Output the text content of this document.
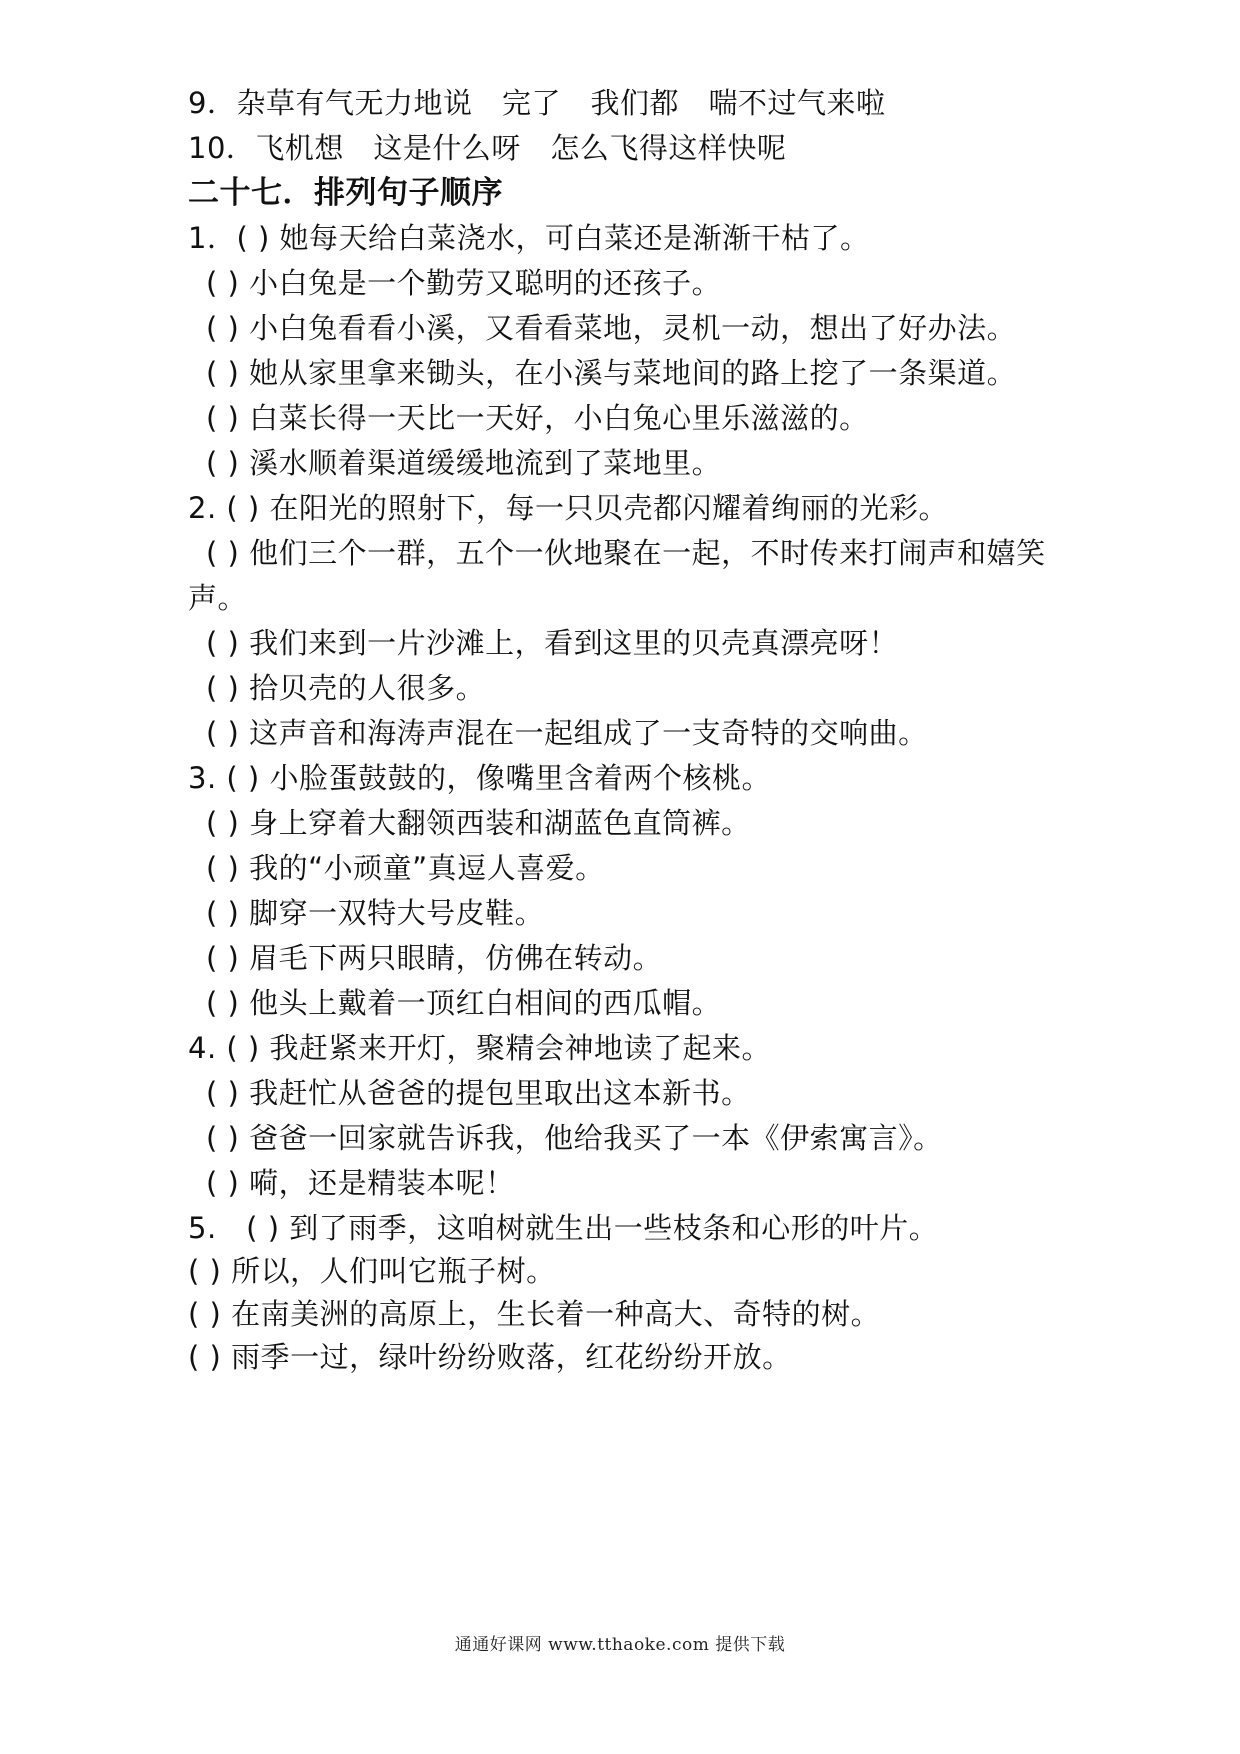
9．杂草有气无力地说　完了　我们都　喘不过气来啦
10．飞机想　这是什么呀　怎么飞得这样快呢
二十七．排列句子顺序
1．( ) 她每天给白菜浇水，可白菜还是渐渐干枯了。
( ) 小白兔是一个勤劳又聪明的还孩子。
( ) 小白兔看看小溪，又看看菜地，灵机一动，想出了好办法。
( ) 她从家里拿来锄头，在小溪与菜地间的路上挖了一条渠道。
( ) 白菜长得一天比一天好，小白兔心里乐滋滋的。
( ) 溪水顺着渠道缓缓地流到了菜地里。
2. ( ) 在阳光的照射下，每一只贝壳都闪耀着绚丽的光彩。
( ) 他们三个一群，五个一伙地聚在一起，不时传来打闹声和嬉笑
声。
( ) 我们来到一片沙滩上，看到这里的贝壳真漂亮呀！
( ) 拾贝壳的人很多。
( ) 这声音和海涛声混在一起组成了一支奇特的交响曲。
3. ( ) 小脸蛋鼓鼓的，像嘴里含着两个核桃。
( ) 身上穿着大翻领西装和湖蓝色直筒裤。
( ) 我的“小顽童”真逗人喜爱。
( ) 脚穿一双特大号皮鞋。
( ) 眉毛下两只眼睛，仿佛在转动。
( ) 他头上戴着一顶红白相间的西瓜帽。
4. ( ) 我赶紧来开灯，聚精会神地读了起来。
( ) 我赶忙从爸爸的提包里取出这本新书。
( ) 爸爸一回家就告诉我，他给我买了一本《伊索寓言》。
( ) 嗬，还是精装本呢！
5.　( ) 到了雨季，这咱树就生出一些枝条和心形的叶片。
( ) 所以，人们叫它瓶子树。
( ) 在南美洲的高原上，生长着一种高大、奇特的树。
( ) 雨季一过，绿叶纷纷败落，红花纷纷开放。
通通好课网 www.tthaoke.com 提供下载
